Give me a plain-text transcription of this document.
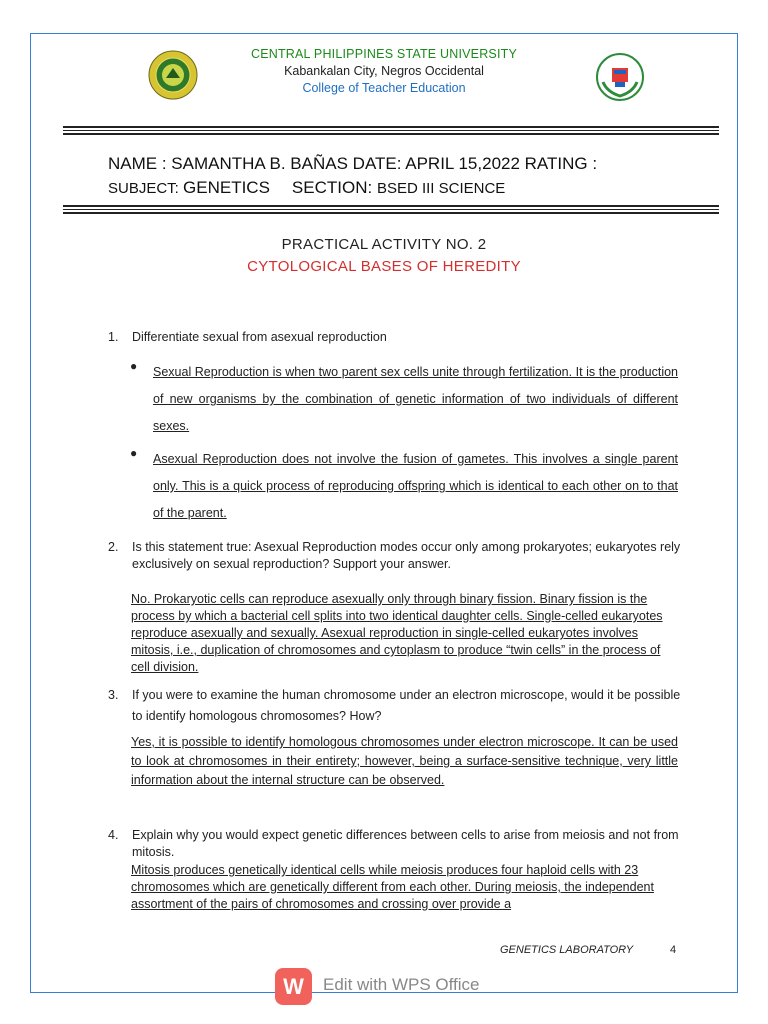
CENTRAL PHILIPPINES STATE UNIVERSITY
Kabankalan City, Negros Occidental
College of Teacher Education
NAME : SAMANTHA B. BAÑAS DATE: APRIL 15,2022 RATING :
SUBJECT: GENETICS SECTION: BSED III SCIENCE
PRACTICAL ACTIVITY NO. 2
CYTOLOGICAL BASES OF HEREDITY
1. Differentiate sexual from asexual reproduction
● Sexual Reproduction is when two parent sex cells unite through fertilization. It is the production of new organisms by the combination of genetic information of two individuals of different sexes.
● Asexual Reproduction does not involve the fusion of gametes. This involves a single parent only. This is a quick process of reproducing offspring which is identical to each other on to that of the parent.
2. Is this statement true: Asexual Reproduction modes occur only among prokaryotes; eukaryotes rely exclusively on sexual reproduction? Support your answer.
No. Prokaryotic cells can reproduce asexually only through binary fission. Binary fission is the process by which a bacterial cell splits into two identical daughter cells. Single-celled eukaryotes reproduce asexually and sexually. Asexual reproduction in single-celled eukaryotes involves mitosis, i.e., duplication of chromosomes and cytoplasm to produce “twin cells” in the process of cell division.
3. If you were to examine the human chromosome under an electron microscope, would it be possible to identify homologous chromosomes? How?
Yes, it is possible to identify homologous chromosomes under electron microscope. It can be used to look at chromosomes in their entirety; however, being a surface-sensitive technique, very little information about the internal structure can be observed.
4. Explain why you would expect genetic differences between cells to arise from meiosis and not from mitosis.
Mitosis produces genetically identical cells while meiosis produces four haploid cells with 23 chromosomes which are genetically different from each other. During meiosis, the independent assortment of the pairs of chromosomes and crossing over provide a
GENETICS LABORATORY	4
W	Edit with WPS Office
